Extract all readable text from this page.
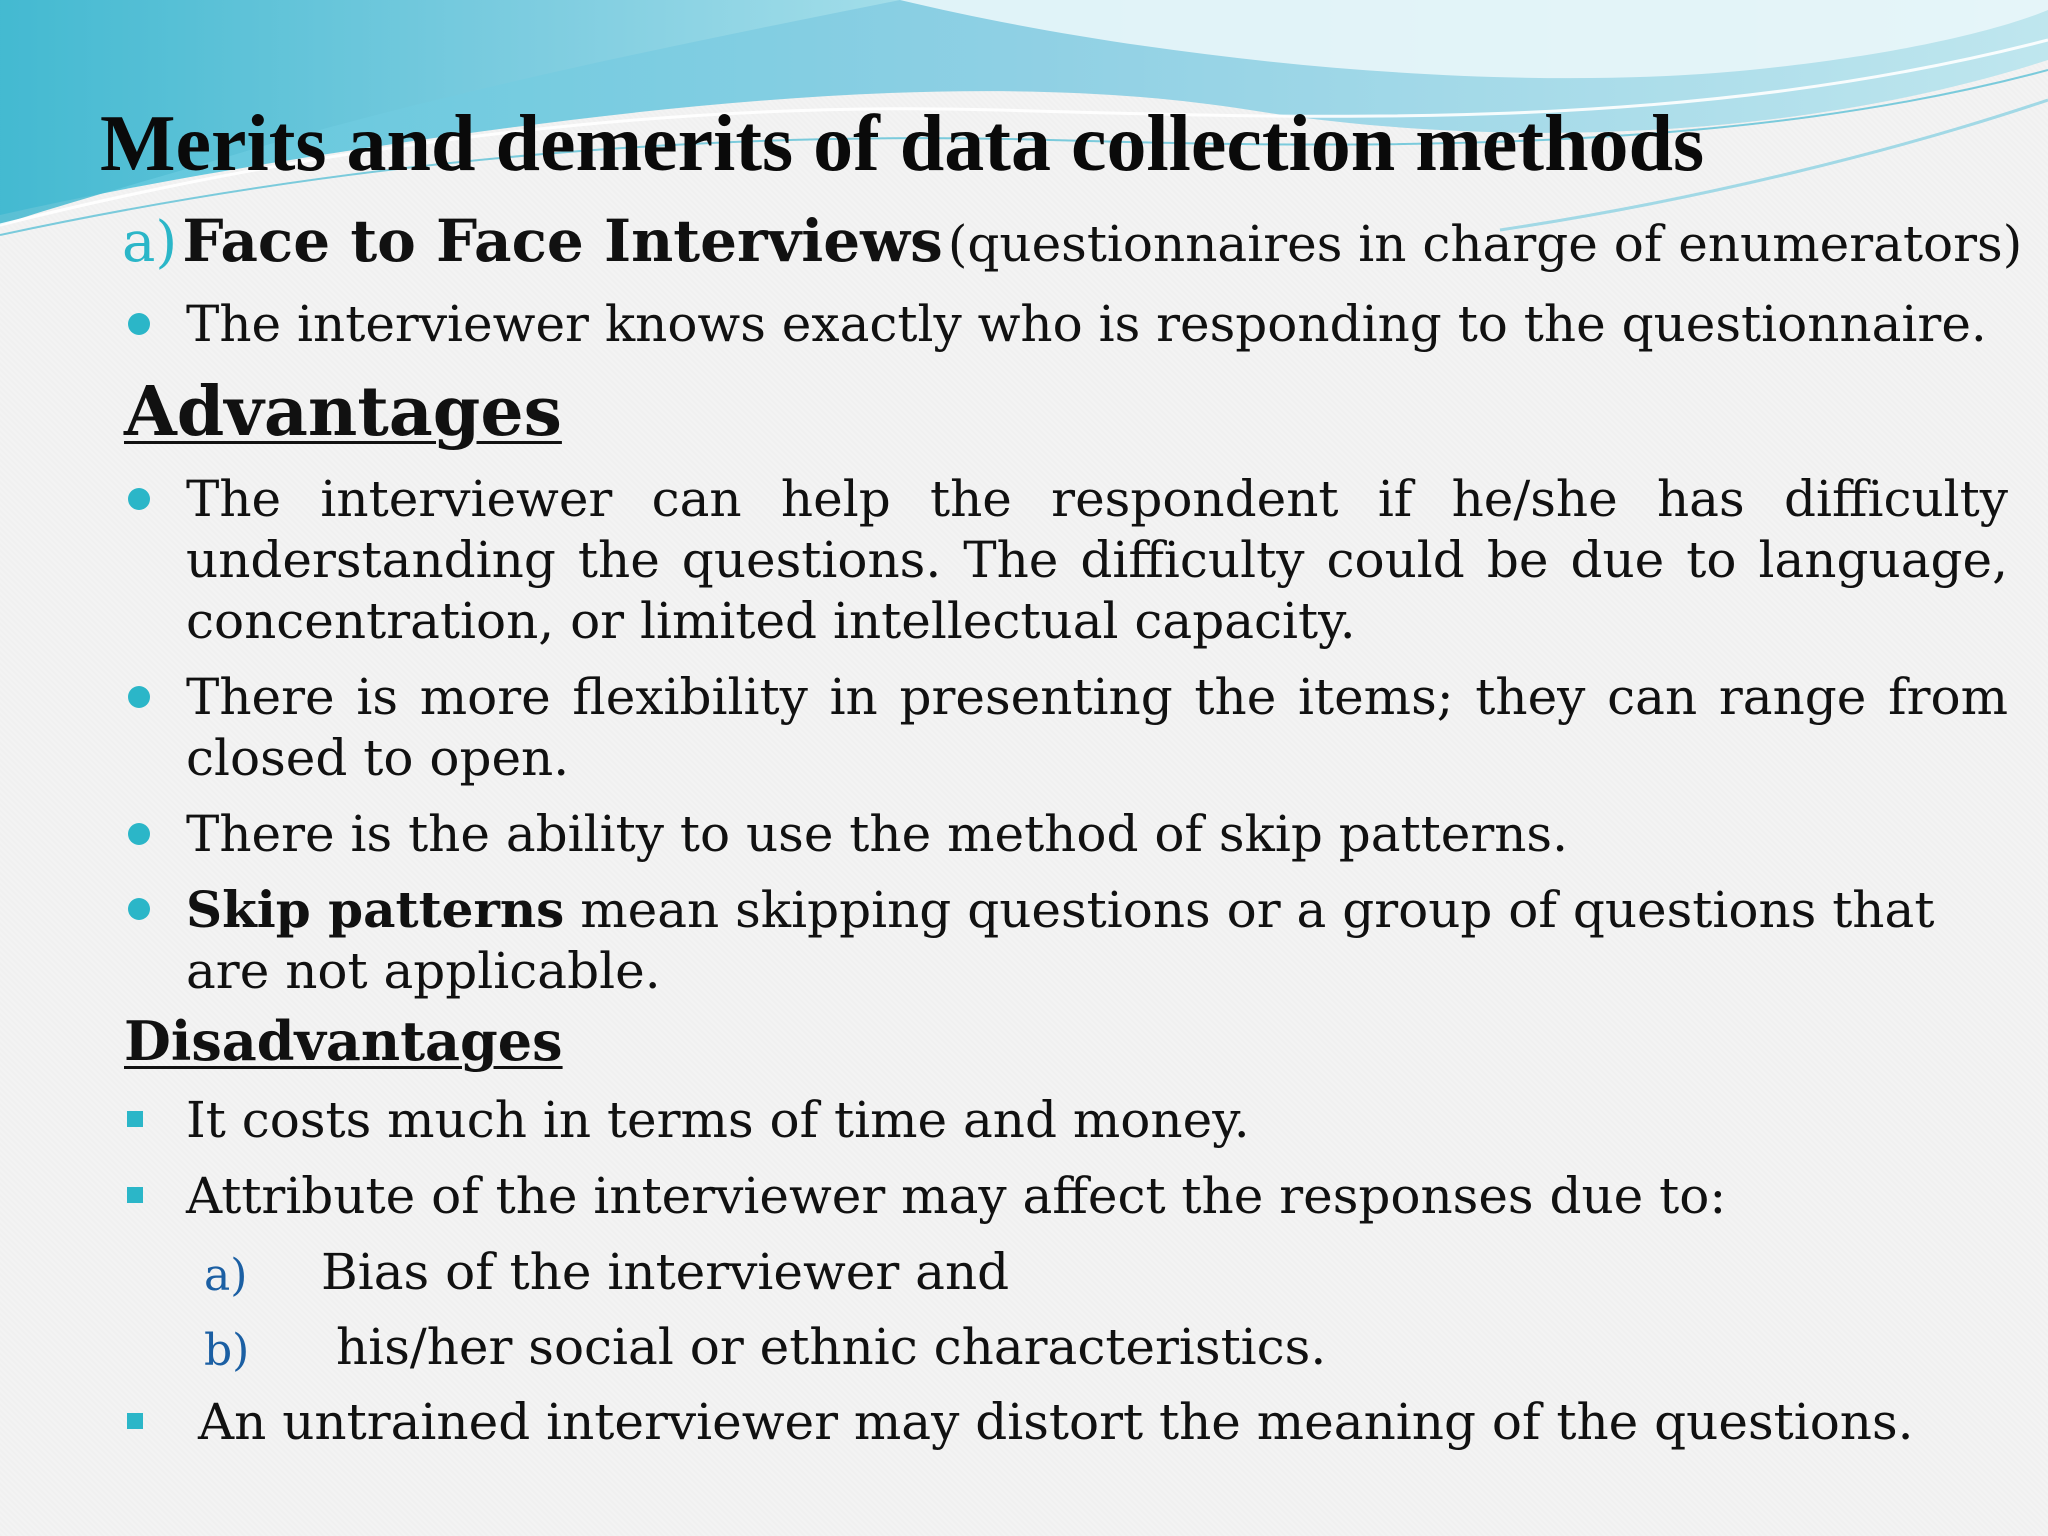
Merits and demerits of data collection methods

a) Face to Face Interviews (questionnaires in charge of enumerators)

The interviewer knows exactly who is responding to the questionnaire.

Advantages

The interviewer can help the respondent if he/she has difficulty understanding the questions. The difficulty could be due to language, concentration, or limited intellectual capacity.

There is more flexibility in presenting the items; they can range from closed to open.

There is the ability to use the method of skip patterns.

Skip patterns mean skipping questions or a group of questions that are not applicable.

Disadvantages

It costs much in terms of time and money.

Attribute of the interviewer may affect the responses due to:

a) Bias of the interviewer and

b) his/her social or ethnic characteristics.

An untrained interviewer may distort the meaning of the questions.
